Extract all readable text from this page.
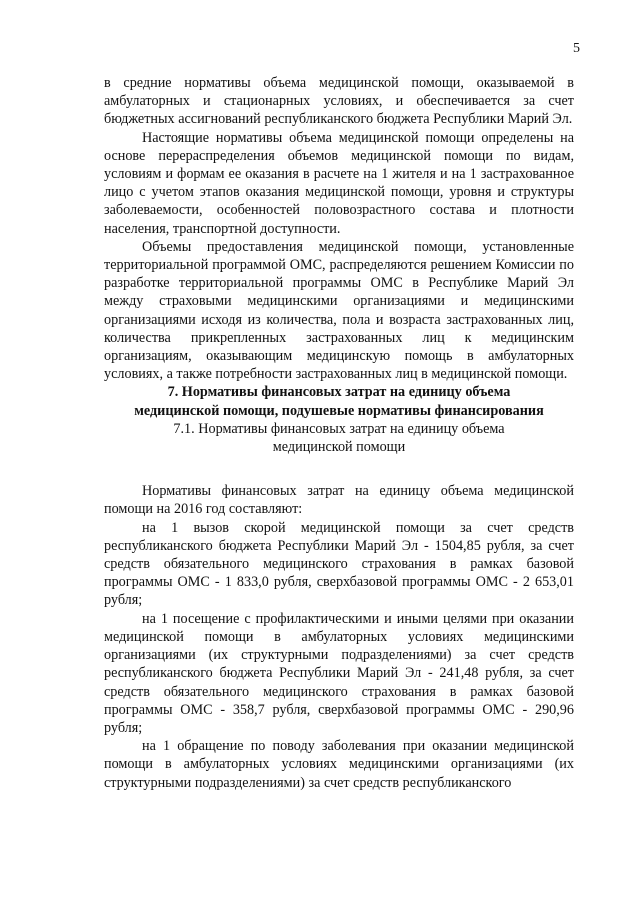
5

в средние нормативы объема медицинской помощи, оказываемой в амбулаторных и стационарных условиях, и обеспечивается за счет бюджетных ассигнований республиканского бюджета Республики Марий Эл.

Настоящие нормативы объема медицинской помощи определены на основе перераспределения объемов медицинской помощи по видам, условиям и формам ее оказания в расчете на 1 жителя и на 1 застрахованное лицо с учетом этапов оказания медицинской помощи, уровня и структуры заболеваемости, особенностей половозрастного состава и плотности населения, транспортной доступности.

Объемы предоставления медицинской помощи, установленные территориальной программой ОМС, распределяются решением Комиссии по разработке территориальной программы ОМС в Республике Марий Эл между страховыми медицинскими организациями и медицинскими организациями исходя из количества, пола и возраста застрахованных лиц, количества прикрепленных застрахованных лиц к медицинским организациям, оказывающим медицинскую помощь в амбулаторных условиях, а также потребности застрахованных лиц в медицинской помощи.

7. Нормативы финансовых затрат на единицу объема
медицинской помощи, подушевые нормативы финансирования

7.1. Нормативы финансовых затрат на единицу объема
медицинской помощи

Нормативы финансовых затрат на единицу объема медицинской помощи на 2016 год составляют:

на 1 вызов скорой медицинской помощи за счет средств республиканского бюджета Республики Марий Эл - 1504,85 рубля, за счет средств обязательного медицинского страхования в рамках базовой программы ОМС - 1 833,0 рубля, сверхбазовой программы ОМС - 2 653,01 рубля;

на 1 посещение с профилактическими и иными целями при оказании медицинской помощи в амбулаторных условиях медицинскими организациями (их структурными подразделениями) за счет средств республиканского бюджета Республики Марий Эл - 241,48 рубля, за счет средств обязательного медицинского страхования в рамках базовой программы ОМС - 358,7 рубля, сверхбазовой программы ОМС - 290,96 рубля;

на 1 обращение по поводу заболевания при оказании медицинской помощи в амбулаторных условиях медицинскими организациями (их структурными подразделениями) за счет средств республиканского
